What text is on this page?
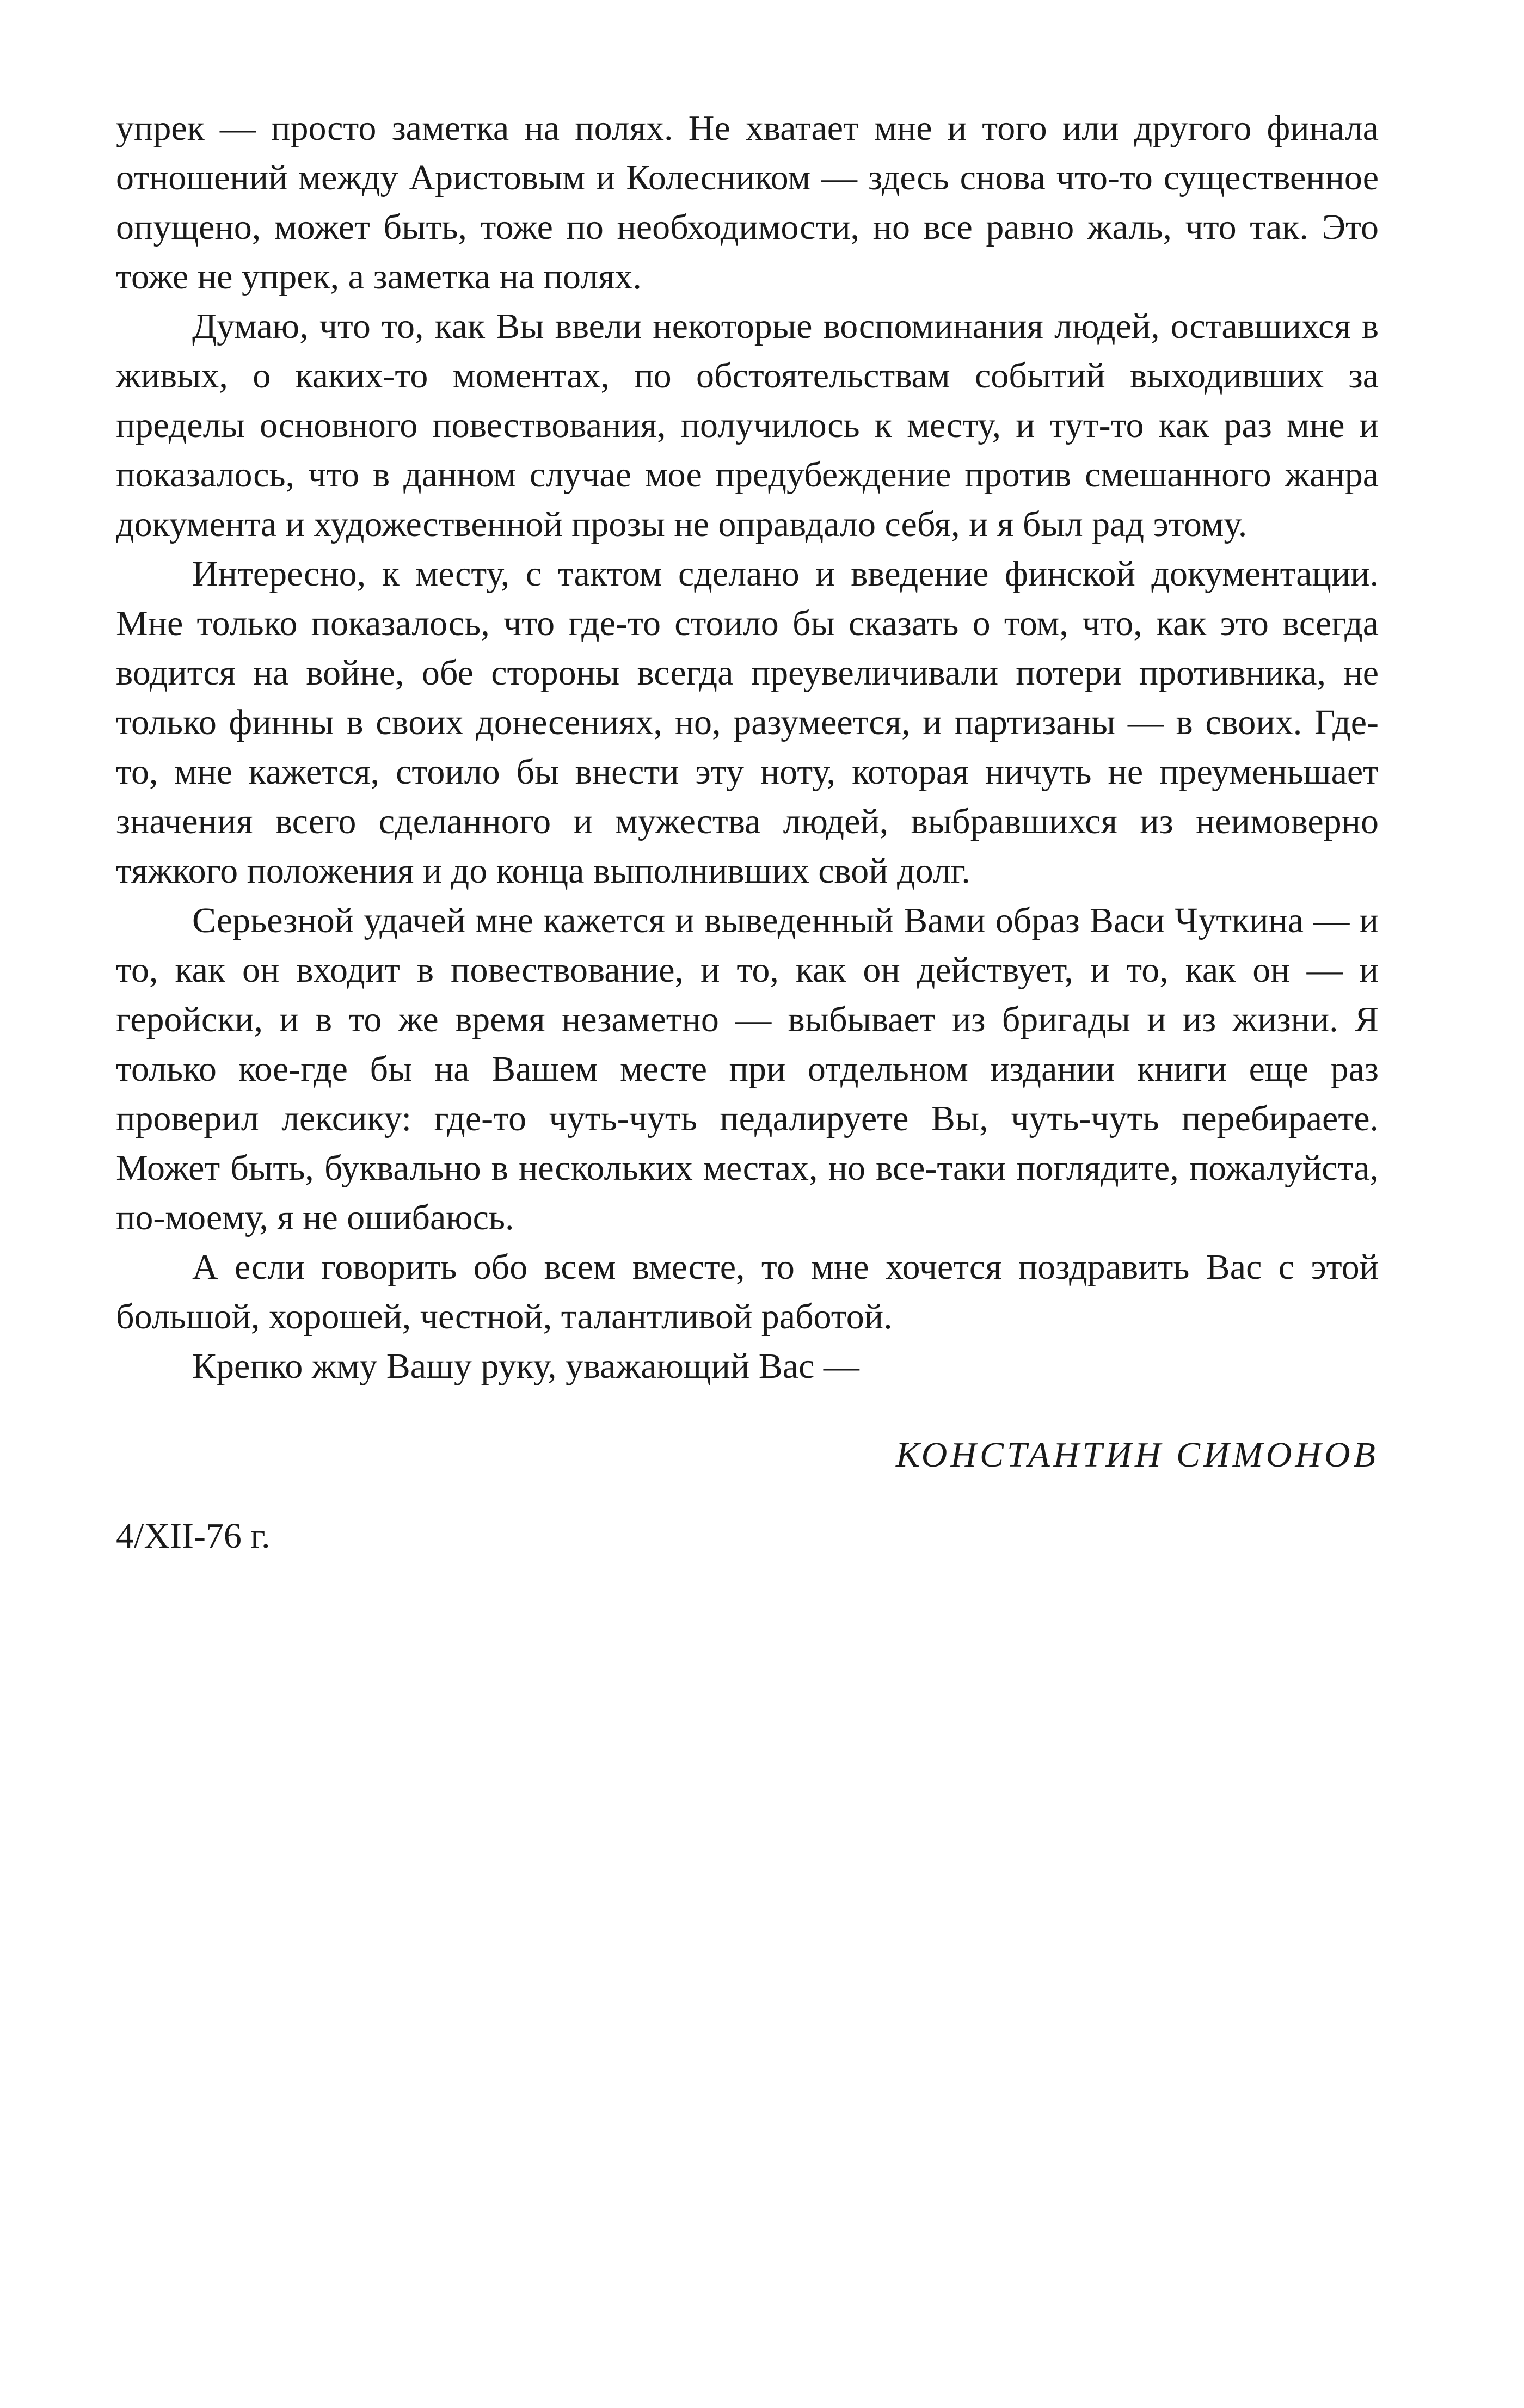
упрек — просто заметка на полях. Не хватает мне и того или другого финала отношений между Аристовым и Колесником — здесь снова что-то существенное опущено, может быть, тоже по необходимости, но все равно жаль, что так. Это тоже не упрек, а заметка на полях.

Думаю, что то, как Вы ввели некоторые воспоминания людей, оставшихся в живых, о каких-то моментах, по обстоятельствам событий выходивших за пределы основного повествования, получилось к месту, и тут-то как раз мне и показалось, что в данном случае мое предубеждение против смешанного жанра документа и художественной прозы не оправдало себя, и я был рад этому.

Интересно, к месту, с тактом сделано и введение финской документации. Мне только показалось, что где-то стоило бы сказать о том, что, как это всегда водится на войне, обе стороны всегда преувеличивали потери противника, не только финны в своих донесениях, но, разумеется, и партизаны — в своих. Где-то, мне кажется, стоило бы внести эту ноту, которая ничуть не преуменьшает значения всего сделанного и мужества людей, выбравшихся из неимоверно тяжкого положения и до конца выполнивших свой долг.

Серьезной удачей мне кажется и выведенный Вами образ Васи Чуткина — и то, как он входит в повествование, и то, как он действует, и то, как он — и геройски, и в то же время незаметно — выбывает из бригады и из жизни. Я только кое-где бы на Вашем месте при отдельном издании книги еще раз проверил лексику: где-то чуть-чуть педалируете Вы, чуть-чуть перебираете. Может быть, буквально в нескольких местах, но все-таки поглядите, пожалуйста, по-моему, я не ошибаюсь.

А если говорить обо всем вместе, то мне хочется поздравить Вас с этой большой, хорошей, честной, талантливой работой.

Крепко жму Вашу руку, уважающий Вас —

КОНСТАНТИН СИМОНОВ

4/XII-76 г.
